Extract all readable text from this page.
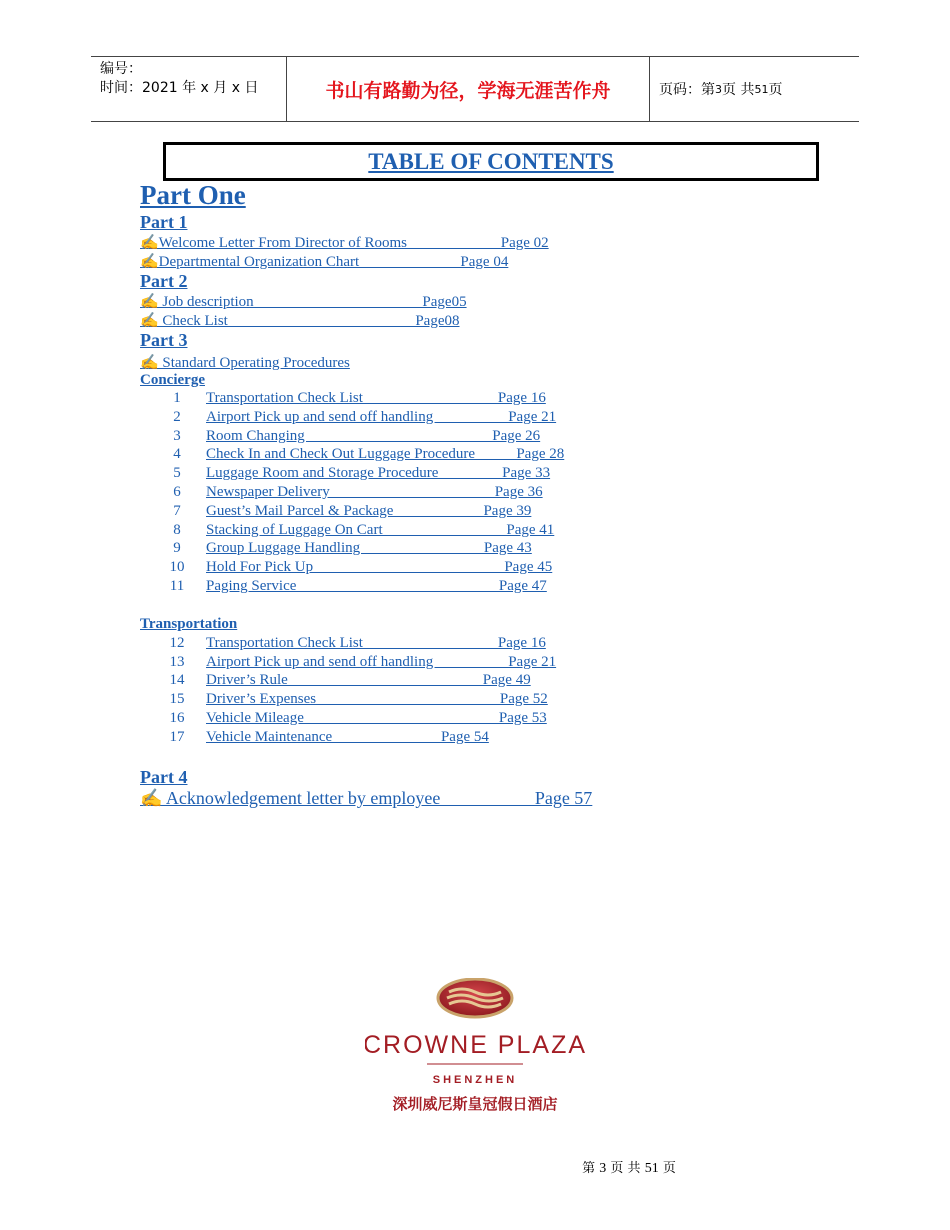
编号：
时间：2021 年 x 月 x 日	书山有路勤为径，学海无涯苦作舟	页码：第 3 页 共 51 页
TABLE OF CONTENTS
Part One
Part 1
✍Welcome Letter From Director of Rooms                         Page 02
✍Departmental Organization Chart                           Page 04
Part 2
✍ Job description                                             Page05
✍ Check List                                                  Page08
Part 3
✍ Standard Operating Procedures
Concierge
1	Transportation Check List                                    Page 16
2	Airport Pick up and send off handling                    Page 21
3	Room Changing                                                  Page 26
4	Check In and Check Out Luggage Procedure           Page 28
5	Luggage Room and Storage Procedure                 Page 33
6	Newspaper Delivery                                            Page 36
7	Guest’s Mail Parcel & Package                        Page 39
8	Stacking of Luggage On Cart                                 Page 41
9	Group Luggage Handling                                 Page 43
10	Hold For Pick Up                                                   Page 45
11	Paging Service                                                      Page 47
Transportation
12	Transportation Check List                                    Page 16
13	Airport Pick up and send off handling                    Page 21
14	Driver’s Rule                                                    Page 49
15	Driver’s Expenses                                                 Page 52
16	Vehicle Mileage                                                    Page 53
17	Vehicle Maintenance                             Page 54
Part 4
✍ Acknowledgement letter by employee                     Page 57
CROWNE PLAZA
SHENZHEN
深圳威尼斯皇冠假日酒店
第 3 页 共 51 页
